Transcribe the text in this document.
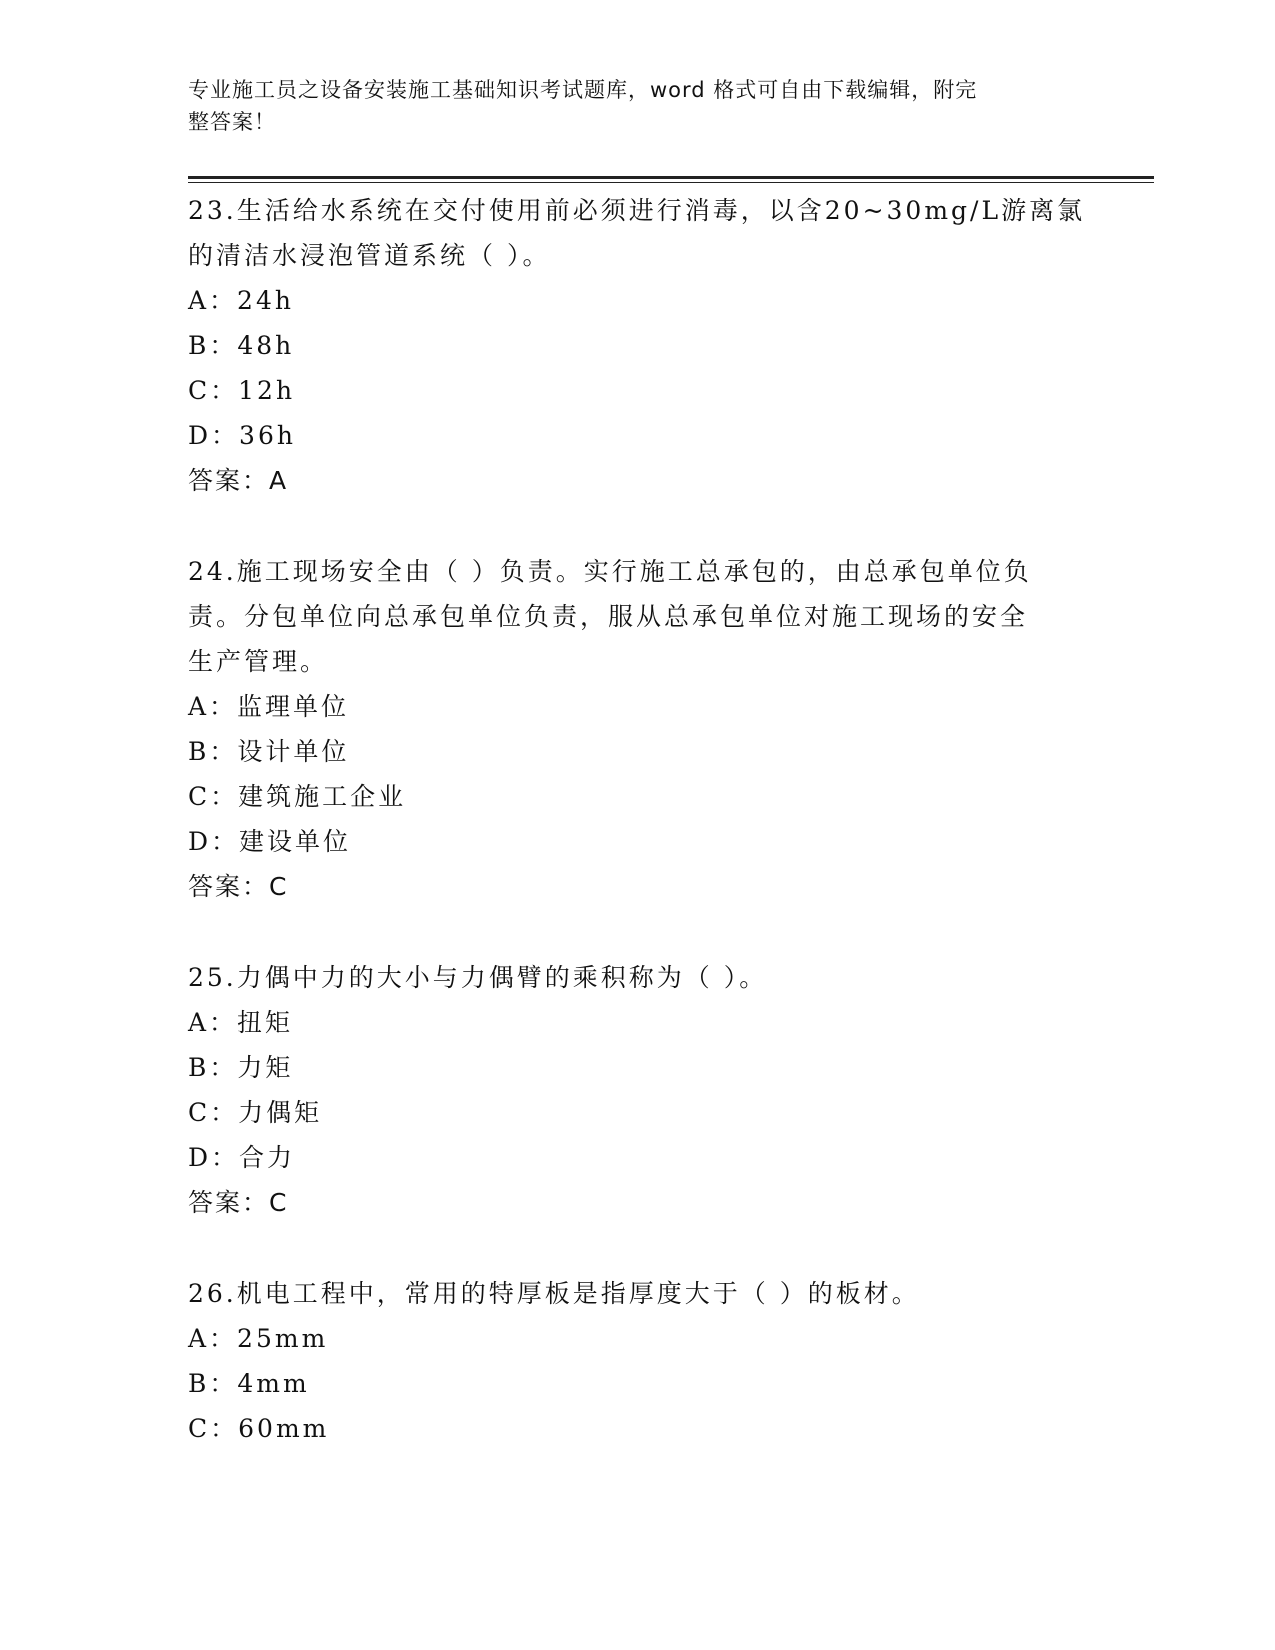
专业施工员之设备安装施工基础知识考试题库，word 格式可自由下载编辑，附完
整答案！
23.生活给水系统在交付使用前必须进行消毒，以含20~30mg/L游离氯
的清洁水浸泡管道系统（ ）。
A：24h
B：48h
C：12h
D：36h
答案：A
24.施工现场安全由（ ）负责。实行施工总承包的，由总承包单位负
责。分包单位向总承包单位负责，服从总承包单位对施工现场的安全
生产管理。
A：监理单位
B：设计单位
C：建筑施工企业
D：建设单位
答案：C
25.力偶中力的大小与力偶臂的乘积称为（ ）。
A：扭矩
B：力矩
C：力偶矩
D：合力
答案：C
26.机电工程中，常用的特厚板是指厚度大于（ ）的板材。
A：25mm
B：4mm
C：60mm
